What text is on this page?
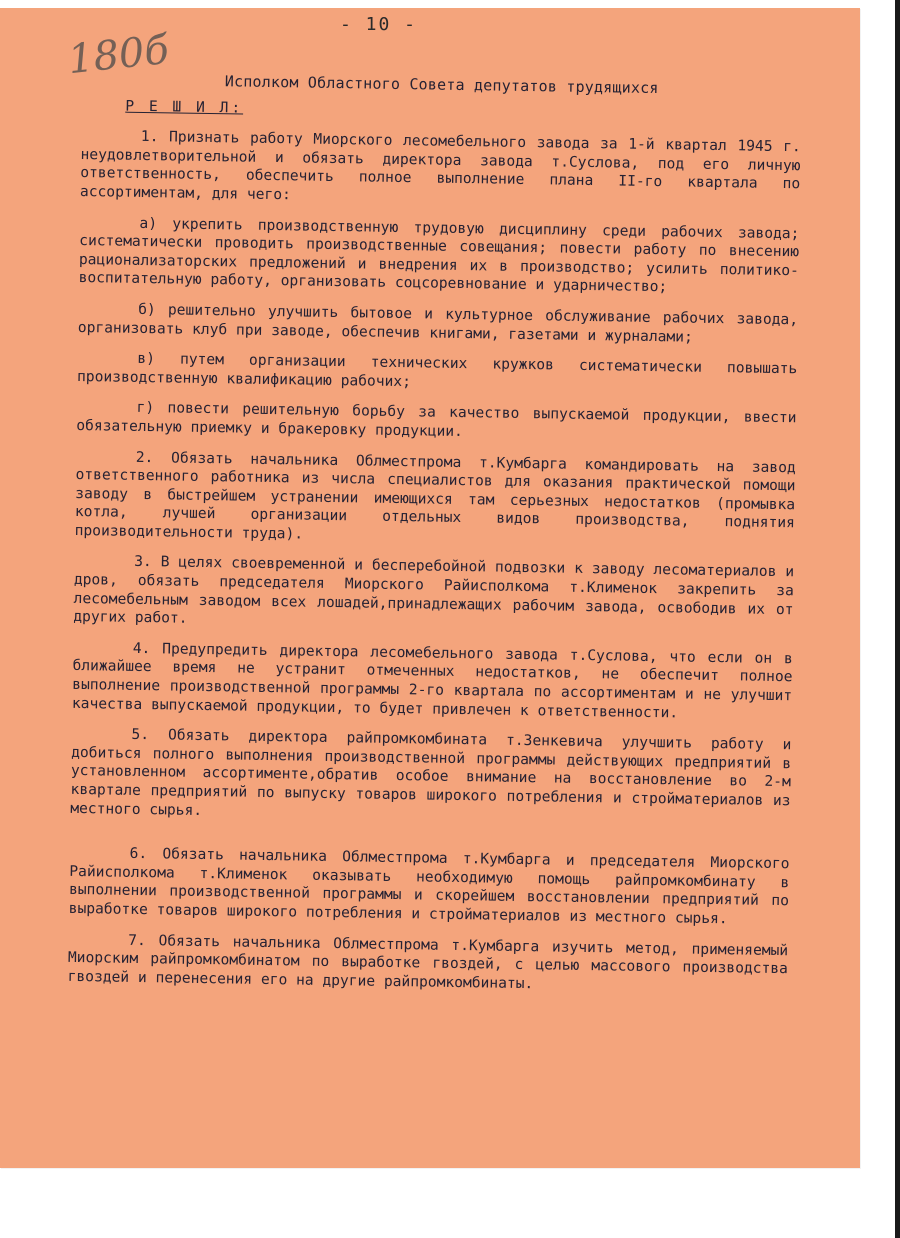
- 10 -
180б
Исполком Областного Совета депутатов трудящихся
Р Е Ш И Л:

1. Признать работу Миорского лесомебельного завода за 1-й квартал 1945 г. неудовлетворительной и обязать директора завода т.Суслова, под его личную ответственность, обеспечить полное выполнение плана II-го квартала по ассортиментам, для чего:

а) укрепить производственную трудовую дисциплину среди рабочих завода; систематически проводить производственные совещания; повести работу по внесению рационализаторских предложений и внедрения их в производство; усилить политико-воспитательную работу, организовать соцсоревнование и ударничество;

б) решительно улучшить бытовое и культурное обслуживание рабочих завода, организовать клуб при заводе, обеспечив книгами, газетами и журналами;

в) путем организации технических кружков систематически повышать производственную квалификацию рабочих;

г) повести решительную борьбу за качество выпускаемой продукции, ввести обязательную приемку и бракеровку продукции.

2. Обязать начальника Облместпрома т.Кумбарга командировать на завод ответственного работника из числа специалистов для оказания практической помощи заводу в быстрейшем устранении имеющихся там серьезных недостатков (промывка котла, лучшей организации отдельных видов производства, поднятия производительности труда).

3. В целях своевременной и бесперебойной подвозки к заводу лесоматериалов и дров, обязать председателя Миорского Райисполкома т.Клименок закрепить за лесомебельным заводом всех лошадей,принадлежащих рабочим завода, освободив их от других работ.

4. Предупредить директора лесомебельного завода т.Суслова, что если он в ближайшее время не устранит отмеченных недостатков, не обеспечит полное выполнение производственной программы 2-го квартала по ассортиментам и не улучшит качества выпускаемой продукции, то будет привлечен к ответственности.

5. Обязать директора райпромкомбината т.Зенкевича улучшить работу и добиться полного выполнения производственной программы действующих предприятий в установленном ассортименте,обратив особое внимание на восстановление во 2-м квартале предприятий по выпуску товаров широкого потребления и стройматериалов из местного сырья.

6. Обязать начальника Облместпрома т.Кумбарга и председателя Миорского Райисполкома т.Клименок оказывать необходимую помощь райпромкомбинату в выполнении производственной программы и скорейшем восстановлении предприятий по выработке товаров широкого потребления и стройматериалов из местного сырья.

7. Обязать начальника Облместпрома т.Кумбарга изучить метод, применяемый Миорским райпромкомбинатом по выработке гвоздей, с целью массового производства гвоздей и перенесения его на другие райпромкомбинаты.
